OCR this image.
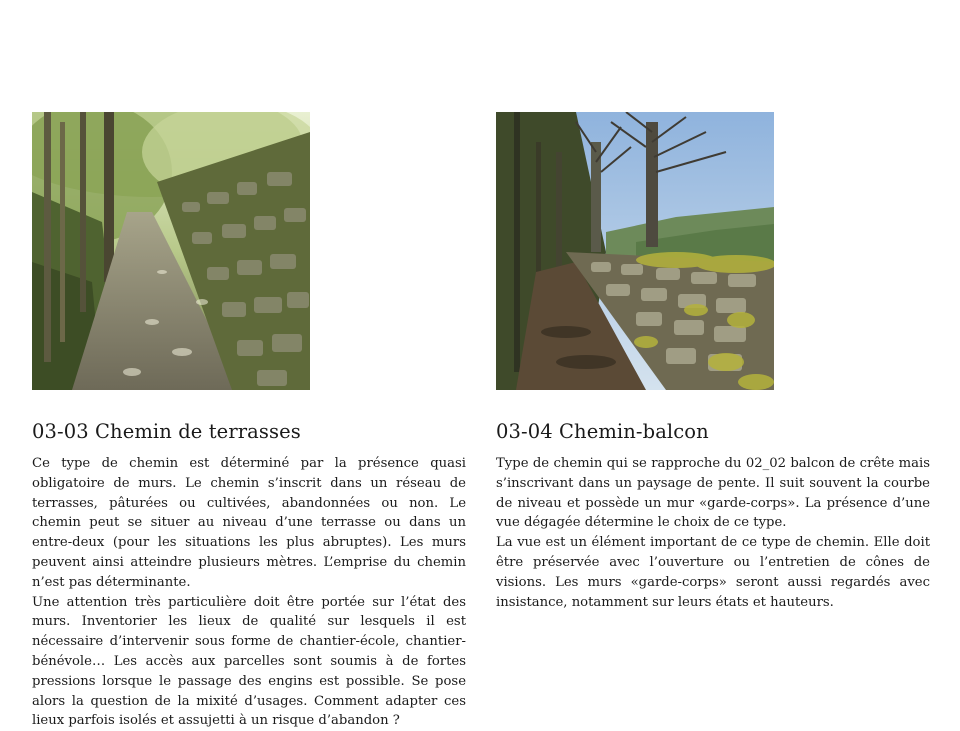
03-03 Chemin de terrasses

Ce type de chemin est déterminé par la présence quasi obligatoire de murs. Le chemin s’inscrit dans un réseau de terrasses, pâturées ou cultivées, abandonnées ou non. Le chemin peut se situer au niveau d’une terrasse ou dans un entre-deux (pour les situations les plus abruptes). Les murs peuvent ainsi atteindre plusieurs mètres. L’emprise du chemin n’est pas déterminante.

Une attention très particulière doit être portée sur l’état des murs. Inventorier les lieux de qualité sur lesquels il est nécessaire d’intervenir sous forme de chantier-école, chantier-bénévole… Les accès aux parcelles sont soumis à de fortes pressions lorsque le passage des engins est possible. Se pose alors la question de la mixité d’usages. Comment adapter ces lieux parfois isolés et assujetti à un risque d’abandon ?

03-04 Chemin-balcon

Type de chemin qui se rapproche du 02_02 balcon de crête mais s’inscrivant dans un paysage de pente. Il suit souvent la courbe de niveau et possède un mur «garde-corps». La présence d’une vue dégagée détermine le choix de ce type.

La vue est un élément important de ce type de chemin. Elle doit être préservée avec l’ouverture ou l’entretien de cônes de visions. Les murs «garde-corps» seront aussi regardés avec insistance, notamment sur leurs états et hauteurs.
